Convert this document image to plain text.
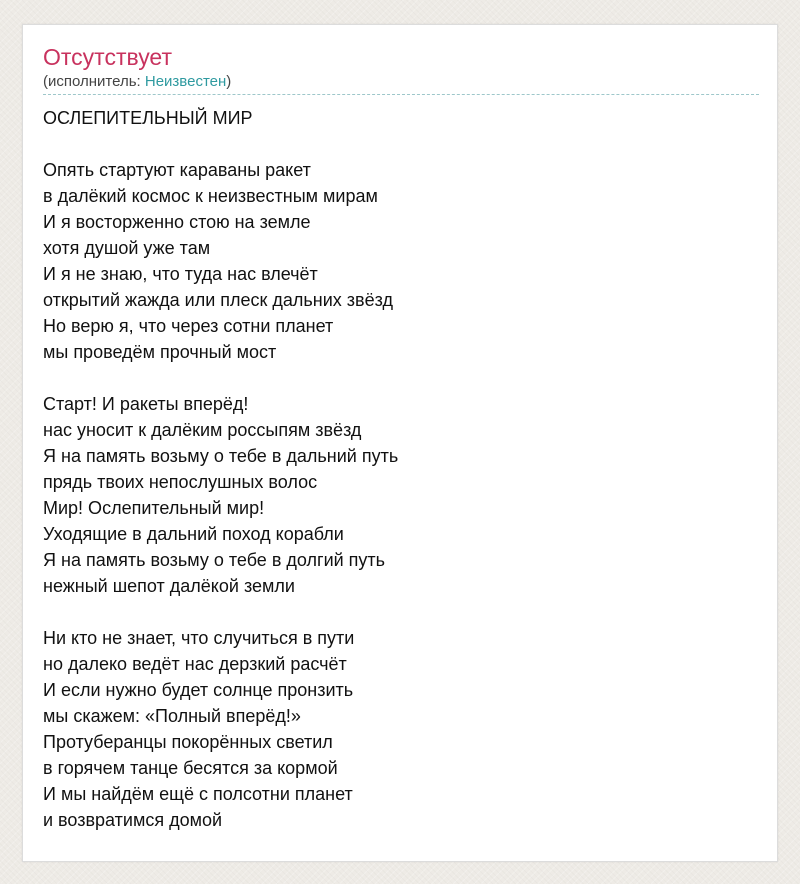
Отсутствует
(исполнитель: Неизвестен)
ОСЛЕПИТЕЛЬНЫЙ МИР
Опять стартуют караваны ракет
в далёкий космос к неизвестным мирам
И я восторженно стою на земле
хотя душой уже там
И я не знаю, что туда нас влечёт
открытий жажда или плеск дальних звёзд
Но верю я, что через сотни планет
мы проведём прочный мост
Старт! И ракеты вперёд!
нас уносит к далёким россыпям звёзд
Я на память возьму о тебе в дальний путь
прядь твоих непослушных волос
Мир! Ослепительный мир!
Уходящие в дальний поход корабли
Я на память возьму о тебе в долгий путь
нежный шепот далёкой земли
Ни кто не знает, что случиться в пути
но далеко ведёт нас дерзкий расчёт
И если нужно будет солнце пронзить
мы скажем: «Полный вперёд!»
Протуберанцы покорённых светил
в горячем танце бесятся за кормой
И мы найдём ещё с полсотни планет
и возвратимся домой
